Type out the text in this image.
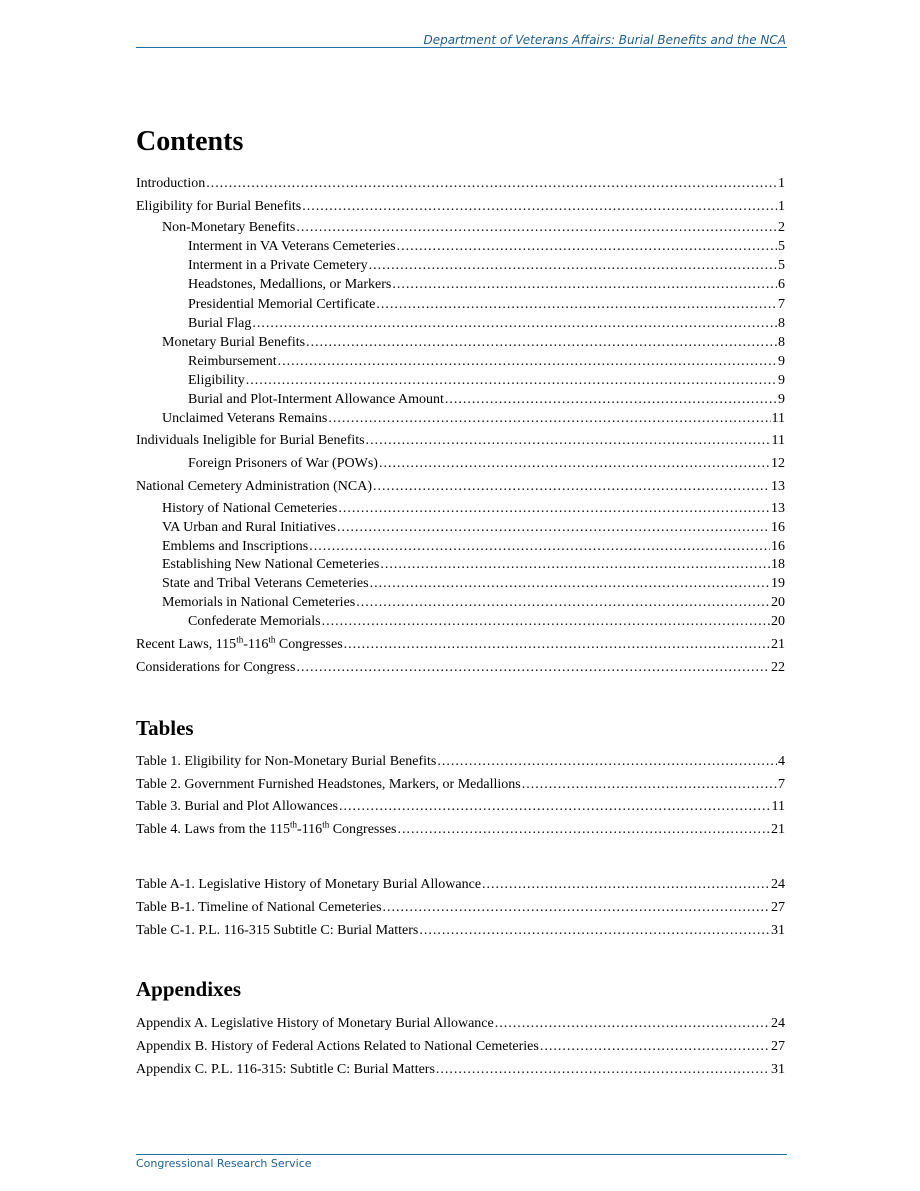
Department of Veterans Affairs: Burial Benefits and the NCA
Contents
Introduction .....	1
Eligibility for Burial Benefits .....	1
Non-Monetary Benefits .....	2
Interment in VA Veterans Cemeteries .....	5
Interment in a Private Cemetery .....	5
Headstones, Medallions, or Markers .....	6
Presidential Memorial Certificate .....	7
Burial Flag .....	8
Monetary Burial Benefits .....	8
Reimbursement .....	9
Eligibility .....	9
Burial and Plot-Interment Allowance Amount .....	9
Unclaimed Veterans Remains .....	11
Individuals Ineligible for Burial Benefits .....	11
Foreign Prisoners of War (POWs) .....	12
National Cemetery Administration (NCA) .....	13
History of National Cemeteries .....	13
VA Urban and Rural Initiatives .....	16
Emblems and Inscriptions .....	16
Establishing New National Cemeteries .....	18
State and Tribal Veterans Cemeteries .....	19
Memorials in National Cemeteries .....	20
Confederate Memorials .....	20
Recent Laws, 115th-116th Congresses .....	21
Considerations for Congress .....	22
Tables
Table 1. Eligibility for Non-Monetary Burial Benefits .....	4
Table 2. Government Furnished Headstones, Markers, or Medallions .....	7
Table 3. Burial and Plot Allowances .....	11
Table 4. Laws from the 115th-116th Congresses .....	21
Table A-1. Legislative History of Monetary Burial Allowance .....	24
Table B-1. Timeline of National Cemeteries .....	27
Table C-1. P.L. 116-315 Subtitle C: Burial Matters .....	31
Appendixes
Appendix A. Legislative History of Monetary Burial Allowance .....	24
Appendix B. History of Federal Actions Related to National Cemeteries .....	27
Appendix C. P.L. 116-315: Subtitle C: Burial Matters .....	31
Congressional Research Service
